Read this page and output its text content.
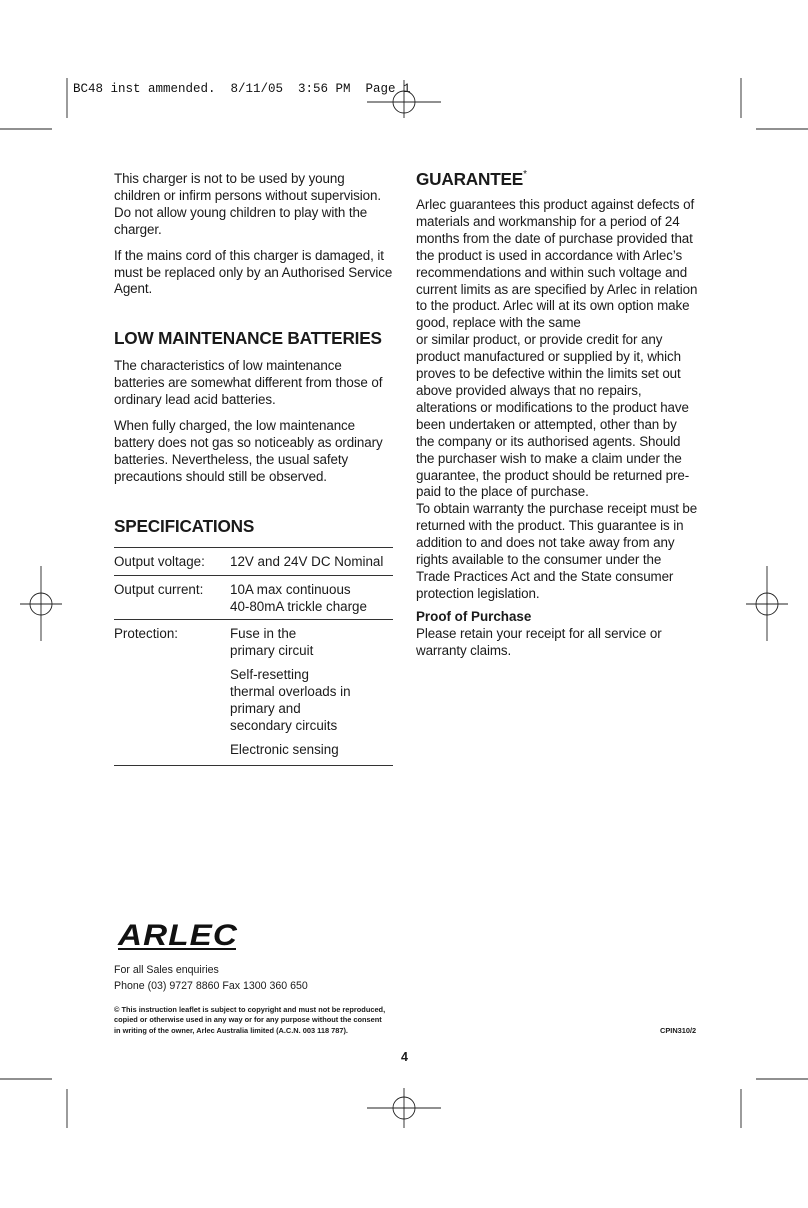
BC48 inst ammended.  8/11/05  3:56 PM  Page 1

This charger is not to be used by young children or infirm persons without supervision. Do not allow young children to play with the charger.

If the mains cord of this charger is damaged, it must be replaced only by an Authorised Service Agent.

LOW MAINTENANCE BATTERIES

The characteristics of low maintenance batteries are somewhat different from those of ordinary lead acid batteries.

When fully charged, the low maintenance battery does not gas so noticeably as ordinary batteries. Nevertheless, the usual safety precautions should still be observed.

SPECIFICATIONS
Output voltage:	12V and 24V DC Nominal
Output current:	10A max continuous
40-80mA trickle charge

Protection:	Fuse in the
primary circuit

	Self-resetting thermal overloads in primary and secondary circuits
	Electronic sensing
GUARANTEE*

Arlec guarantees this product against defects of materials and workmanship for a period of 24 months from the date of purchase provided that the product is used in accordance with Arlec’s recommendations and within such voltage and current limits as are specified by Arlec in relation to the product. Arlec will at its own option make good, replace with the same

or similar product, or provide credit for any product manufactured or supplied by it, which proves to be defective within the limits set out above provided always that no repairs, alterations or modifications to the product have been undertaken or attempted, other than by

the company or its authorised agents. Should the purchaser wish to make a claim under the guarantee, the product should be returned pre-paid to the place of purchase.

To obtain warranty the purchase receipt must be returned with the product. This guarantee is in addition to and does not take away from any rights available to the consumer under the Trade Practices Act and the State consumer protection legislation.

Proof of Purchase

Please retain your receipt for all service or warranty claims.

ARLEC
For all Sales enquiries
Phone (03) 9727 8860 Fax 1300 360 650
© This instruction leaflet is subject to copyright and must not be reproduced,
copied or otherwise used in any way or for any purpose without the consent
in writing of the owner, Arlec Australia limited (A.C.N. 003 118 787).	CPIN310/2
4
